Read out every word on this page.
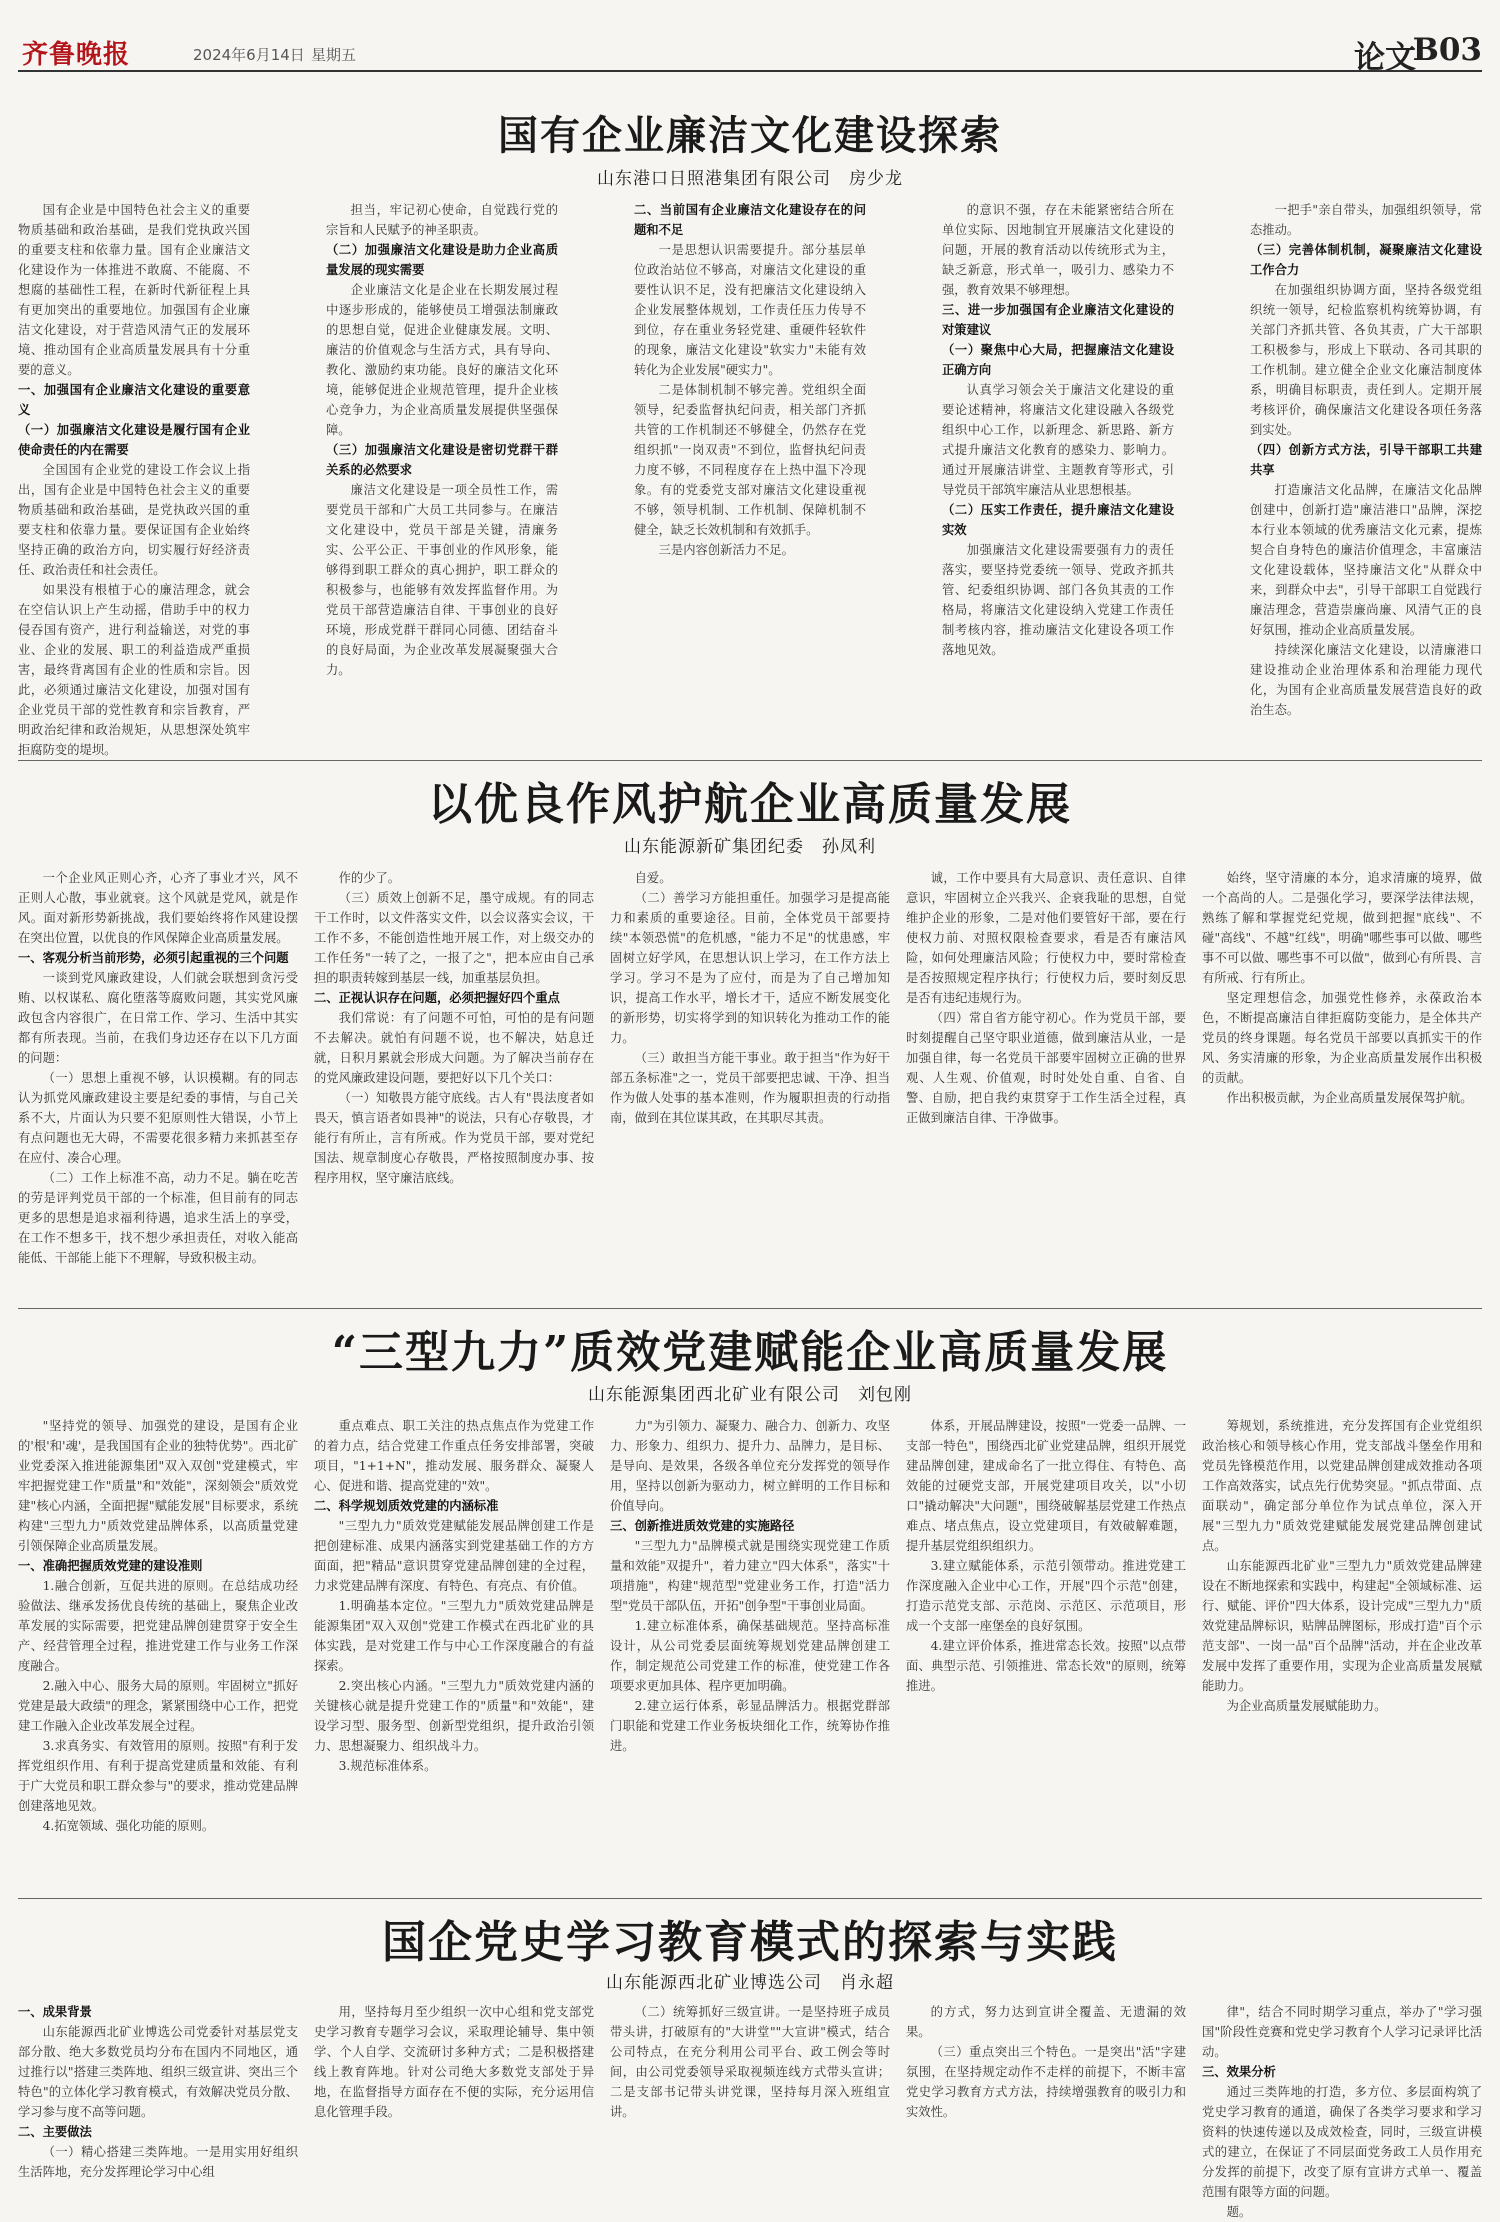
齐鲁晚报	2024年6月14日 星期五	论文
B03
国有企业廉洁文化建设探索
山东港口日照港集团有限公司　房少龙

国有企业是中国特色社会主义的重要物质基础和政治基础，是我们党执政兴国的重要支柱和依靠力量。国有企业廉洁文化建设作为一体推进不敢腐、不能腐、不想腐的基础性工程，在新时代新征程上具有更加突出的重要地位。加强国有企业廉洁文化建设，对于营造风清气正的发展环境、推动国有企业高质量发展具有十分重要的意义。

一、加强国有企业廉洁文化建设的重要意义

（一）加强廉洁文化建设是履行国有企业使命责任的内在需要

全国国有企业党的建设工作会议上指出，国有企业是中国特色社会主义的重要物质基础和政治基础，是党执政兴国的重要支柱和依靠力量。要保证国有企业始终坚持正确的政治方向，切实履行好经济责任、政治责任和社会责任。

如果没有根植于心的廉洁理念，就会在空信认识上产生动摇，借助手中的权力侵吞国有资产，进行利益输送，对党的事业、企业的发展、职工的利益造成严重损害，最终背离国有企业的性质和宗旨。因此，必须通过廉洁文化建设，加强对国有企业党员干部的党性教育和宗旨教育，严明政治纪律和政治规矩，从思想深处筑牢拒腐防变的堤坝。

担当，牢记初心使命，自觉践行党的宗旨和人民赋予的神圣职责。

（二）加强廉洁文化建设是助力企业高质量发展的现实需要

企业廉洁文化是企业在长期发展过程中逐步形成的，能够使员工增强法制廉政的思想自觉，促进企业健康发展。文明、廉洁的价值观念与生活方式，具有导向、教化、激励约束功能。良好的廉洁文化环境，能够促进企业规范管理，提升企业核心竞争力，为企业高质量发展提供坚强保障。

（三）加强廉洁文化建设是密切党群干群关系的必然要求

廉洁文化建设是一项全员性工作，需要党员干部和广大员工共同参与。在廉洁文化建设中，党员干部是关键，清廉务实、公平公正、干事创业的作风形象，能够得到职工群众的真心拥护，职工群众的积极参与，也能够有效发挥监督作用。为党员干部营造廉洁自律、干事创业的良好环境，形成党群干群同心同德、团结奋斗的良好局面，为企业改革发展凝聚强大合力。

二、当前国有企业廉洁文化建设存在的问题和不足

一是思想认识需要提升。部分基层单位政治站位不够高，对廉洁文化建设的重要性认识不足，没有把廉洁文化建设纳入企业发展整体规划，工作责任压力传导不到位，存在重业务轻党建、重硬件轻软件的现象，廉洁文化建设"软实力"未能有效转化为企业发展"硬实力"。

二是体制机制不够完善。党组织全面领导，纪委监督执纪问责，相关部门齐抓共管的工作机制还不够健全，仍然存在党组织抓"一岗双责"不到位，监督执纪问责力度不够，不同程度存在上热中温下冷现象。有的党委党支部对廉洁文化建设重视不够，领导机制、工作机制、保障机制不健全，缺乏长效机制和有效抓手。

三是内容创新活力不足。

的意识不强，存在未能紧密结合所在单位实际、因地制宜开展廉洁文化建设的问题，开展的教育活动以传统形式为主，缺乏新意，形式单一，吸引力、感染力不强，教育效果不够理想。

三、进一步加强国有企业廉洁文化建设的对策建议

（一）聚焦中心大局，把握廉洁文化建设正确方向

认真学习领会关于廉洁文化建设的重要论述精神，将廉洁文化建设融入各级党组织中心工作，以新理念、新思路、新方式提升廉洁文化教育的感染力、影响力。通过开展廉洁讲堂、主题教育等形式，引导党员干部筑牢廉洁从业思想根基。

（二）压实工作责任，提升廉洁文化建设实效

加强廉洁文化建设需要强有力的责任落实，要坚持党委统一领导、党政齐抓共管、纪委组织协调、部门各负其责的工作格局，将廉洁文化建设纳入党建工作责任制考核内容，推动廉洁文化建设各项工作落地见效。

一把手"亲自带头，加强组织领导，常态推动。

（三）完善体制机制，凝聚廉洁文化建设工作合力

在加强组织协调方面，坚持各级党组织统一领导，纪检监察机构统筹协调，有关部门齐抓共管、各负其责，广大干部职工积极参与，形成上下联动、各司其职的工作机制。建立健全企业文化廉洁制度体系，明确目标职责，责任到人。定期开展考核评价，确保廉洁文化建设各项任务落到实处。

（四）创新方式方法，引导干部职工共建共享

打造廉洁文化品牌，在廉洁文化品牌创建中，创新打造"廉洁港口"品牌，深挖本行业本领域的优秀廉洁文化元素，提炼契合自身特色的廉洁价值理念，丰富廉洁文化建设载体，坚持廉洁文化"从群众中来，到群众中去"，引导干部职工自觉践行廉洁理念，营造崇廉尚廉、风清气正的良好氛围，推动企业高质量发展。

持续深化廉洁文化建设，以清廉港口建设推动企业治理体系和治理能力现代化，为国有企业高质量发展营造良好的政治生态。

以优良作风护航企业高质量发展
山东能源新矿集团纪委　孙凤利

一个企业风正则心齐，心齐了事业才兴，风不正则人心散，事业就衰。这个风就是党风，就是作风。面对新形势新挑战，我们要始终将作风建设摆在突出位置，以优良的作风保障企业高质量发展。

一、客观分析当前形势，必须引起重视的三个问题

一谈到党风廉政建设，人们就会联想到贪污受贿、以权谋私、腐化堕落等腐败问题，其实党风廉政包含内容很广，在日常工作、学习、生活中其实都有所表现。当前，在我们身边还存在以下几方面的问题：

（一）思想上重视不够，认识模糊。有的同志认为抓党风廉政建设主要是纪委的事情，与自己关系不大，片面认为只要不犯原则性大错误，小节上有点问题也无大碍，不需要花很多精力来抓甚至存在应付、凑合心理。

（二）工作上标准不高，动力不足。躺在吃苦的劳是评判党员干部的一个标准，但目前有的同志更多的思想是追求福利待遇，追求生活上的享受，在工作不想多干，找不想少承担责任，对收入能高能低、干部能上能下不理解，导致积极主动。

作的少了。

（三）质效上创新不足，墨守成规。有的同志干工作时，以文件落实文件，以会议落实会议，干工作不多，不能创造性地开展工作，对上级交办的工作任务"一转了之，一报了之"，把本应由自己承担的职责转嫁到基层一线，加重基层负担。

二、正视认识存在问题，必须把握好四个重点

我们常说：有了问题不可怕，可怕的是有问题不去解决。就怕有问题不说，也不解决，姑息迁就，日积月累就会形成大问题。为了解决当前存在的党风廉政建设问题，要把好以下几个关口：

（一）知敬畏方能守底线。古人有"畏法度者如畏天，慎言语者如畏神"的说法，只有心存敬畏，才能行有所止，言有所戒。作为党员干部，要对党纪国法、规章制度心存敬畏，严格按照制度办事、按程序用权，坚守廉洁底线。

自爱。

（二）善学习方能担重任。加强学习是提高能力和素质的重要途径。目前，全体党员干部要持续"本领恐慌"的危机感，"能力不足"的忧患感，牢固树立好学风，在思想认识上学习，在工作方法上学习。学习不是为了应付，而是为了自己增加知识，提高工作水平，增长才干，适应不断发展变化的新形势，切实将学到的知识转化为推动工作的能力。

（三）敢担当方能干事业。敢于担当"作为好干部五条标准"之一，党员干部要把忠诚、干净、担当作为做人处事的基本准则，作为履职担责的行动指南，做到在其位谋其政，在其职尽其责。

诚，工作中要具有大局意识、责任意识、自律意识，牢固树立企兴我兴、企衰我耻的思想，自觉维护企业的形象，二是对他们要管好干部，要在行使权力前、对照权限检查要求，看是否有廉洁风险，如何处理廉洁风险；行使权力中，要时常检查是否按照规定程序执行；行使权力后，要时刻反思是否有违纪违规行为。

（四）常自省方能守初心。作为党员干部，要时刻提醒自己坚守职业道德，做到廉洁从业，一是加强自律，每一名党员干部要牢固树立正确的世界观、人生观、价值观，时时处处自重、自省、自警、自励，把自我约束贯穿于工作生活全过程，真正做到廉洁自律、干净做事。

始终，坚守清廉的本分，追求清廉的境界，做一个高尚的人。二是强化学习，要深学法律法规，熟练了解和掌握党纪党规，做到把握"底线"、不碰"高线"、不越"红线"，明确"哪些事可以做、哪些事不可以做、哪些事不可以做"，做到心有所畏、言有所戒、行有所止。

坚定理想信念，加强党性修养，永葆政治本色，不断提高廉洁自律拒腐防变能力，是全体共产党员的终身课题。每名党员干部要以真抓实干的作风、务实清廉的形象，为企业高质量发展作出积极的贡献。

作出积极贡献，为企业高质量发展保驾护航。

“三型九力”质效党建赋能企业高质量发展
山东能源集团西北矿业有限公司　刘包刚

"坚持党的领导、加强党的建设，是国有企业的'根'和'魂'，是我国国有企业的独特优势"。西北矿业党委深入推进能源集团"双入双创"党建模式，牢牢把握党建工作"质量"和"效能"，深刻领会"质效党建"核心内涵，全面把握"赋能发展"目标要求，系统构建"三型九力"质效党建品牌体系，以高质量党建引领保障企业高质量发展。

一、准确把握质效党建的建设准则

1.融合创新，互促共进的原则。在总结成功经验做法、继承发扬优良传统的基础上，聚焦企业改革发展的实际需要，把党建品牌创建贯穿于安全生产、经营管理全过程，推进党建工作与业务工作深度融合。

2.融入中心、服务大局的原则。牢固树立"抓好党建是最大政绩"的理念，紧紧围绕中心工作，把党建工作融入企业改革发展全过程。

3.求真务实、有效管用的原则。按照"有利于发挥党组织作用、有利于提高党建质量和效能、有利于广大党员和职工群众参与"的要求，推动党建品牌创建落地见效。

4.拓宽领域、强化功能的原则。

重点难点、职工关注的热点焦点作为党建工作的着力点，结合党建工作重点任务安排部署，突破项目，"1+1+N"，推动发展、服务群众、凝聚人心、促进和谐、提高党建的"效"。

二、科学规划质效党建的内涵标准

"三型九力"质效党建赋能发展品牌创建工作是把创建标准、成果内涵落实到党建基础工作的方方面面，把"精品"意识贯穿党建品牌创建的全过程，力求党建品牌有深度、有特色、有亮点、有价值。

1.明确基本定位。"三型九力"质效党建品牌是能源集团"双入双创"党建工作模式在西北矿业的具体实践，是对党建工作与中心工作深度融合的有益探索。

2.突出核心内涵。"三型九力"质效党建内涵的关键核心就是提升党建工作的"质量"和"效能"，建设学习型、服务型、创新型党组织，提升政治引领力、思想凝聚力、组织战斗力。

3.规范标准体系。

力"为引领力、凝聚力、融合力、创新力、攻坚力、形象力、组织力、提升力、品牌力，是目标、是导向、是效果，各级各单位充分发挥党的领导作用，坚持以创新为驱动力，树立鲜明的工作目标和价值导向。

三、创新推进质效党建的实施路径

"三型九力"品牌模式就是围绕实现党建工作质量和效能"双提升"，着力建立"四大体系"，落实"十项措施"，构建"规范型"党建业务工作，打造"活力型"党员干部队伍，开拓"创争型"干事创业局面。

1.建立标准体系，确保基础规范。坚持高标准设计，从公司党委层面统筹规划党建品牌创建工作，制定规范公司党建工作的标准，使党建工作各项要求更加具体、程序更加明确。

2.建立运行体系，彰显品牌活力。根据党群部门职能和党建工作业务板块细化工作，统筹协作推进。

体系，开展品牌建设，按照"一党委一品牌、一支部一特色"，围绕西北矿业党建品牌，组织开展党建品牌创建，建成命名了一批立得住、有特色、高效能的过硬党支部，开展党建项目攻关，以"小切口"撬动解决"大问题"，围绕破解基层党建工作热点难点、堵点焦点，设立党建项目，有效破解难题，提升基层党组织组织力。

3.建立赋能体系，示范引领带动。推进党建工作深度融入企业中心工作，开展"四个示范"创建，打造示范党支部、示范岗、示范区、示范项目，形成一个支部一座堡垒的良好氛围。

4.建立评价体系，推进常态长效。按照"以点带面、典型示范、引领推进、常态长效"的原则，统筹推进。

筹规划，系统推进，充分发挥国有企业党组织政治核心和领导核心作用，党支部战斗堡垒作用和党员先锋模范作用，以党建品牌创建成效推动各项工作高效落实，试点先行优势突显。"抓点带面、点面联动"，确定部分单位作为试点单位，深入开展"三型九力"质效党建赋能发展党建品牌创建试点。

山东能源西北矿业"三型九力"质效党建品牌建设在不断地探索和实践中，构建起"全领域标准、运行、赋能、评价"四大体系，设计完成"三型九力"质效党建品牌标识，贴牌品牌图标，形成打造"百个示范支部"、一岗一品"百个品牌"活动，并在企业改革发展中发挥了重要作用，实现为企业高质量发展赋能助力。

为企业高质量发展赋能助力。

国企党史学习教育模式的探索与实践
山东能源西北矿业博选公司　肖永超

一、成果背景

山东能源西北矿业博选公司党委针对基层党支部分散、绝大多数党员均分布在国内不同地区，通过推行以"搭建三类阵地、组织三级宣讲、突出三个特色"的立体化学习教育模式，有效解决党员分散、学习参与度不高等问题。

二、主要做法

（一）精心搭建三类阵地。一是用实用好组织生活阵地，充分发挥理论学习中心组

用，坚持每月至少组织一次中心组和党支部党史学习教育专题学习会议，采取理论辅导、集中领学、个人自学、交流研讨多种方式；二是积极搭建线上教育阵地。针对公司绝大多数党支部处于异地，在监督指导方面存在不便的实际，充分运用信息化管理手段。

（二）统筹抓好三级宣讲。一是坚持班子成员带头讲，打破原有的"大讲堂""大宣讲"模式，结合公司特点，在充分利用公司平台、政工例会等时间，由公司党委领导采取视频连线方式带头宣讲；二是支部书记带头讲党课，坚持每月深入班组宣讲。

的方式，努力达到宣讲全覆盖、无遗漏的效果。

（三）重点突出三个特色。一是突出"活"字建氛围，在坚持规定动作不走样的前提下，不断丰富党史学习教育方式方法，持续增强教育的吸引力和实效性。

律"，结合不同时期学习重点，举办了"学习强国"阶段性竞赛和党史学习教育个人学习记录评比活动。

三、效果分析

通过三类阵地的打造，多方位、多层面构筑了党史学习教育的通道，确保了各类学习要求和学习资料的快速传递以及成效检查，同时，三级宣讲模式的建立，在保证了不同层面党务政工人员作用充分发挥的前提下，改变了原有宣讲方式单一、覆盖范围有限等方面的问题。

题。
